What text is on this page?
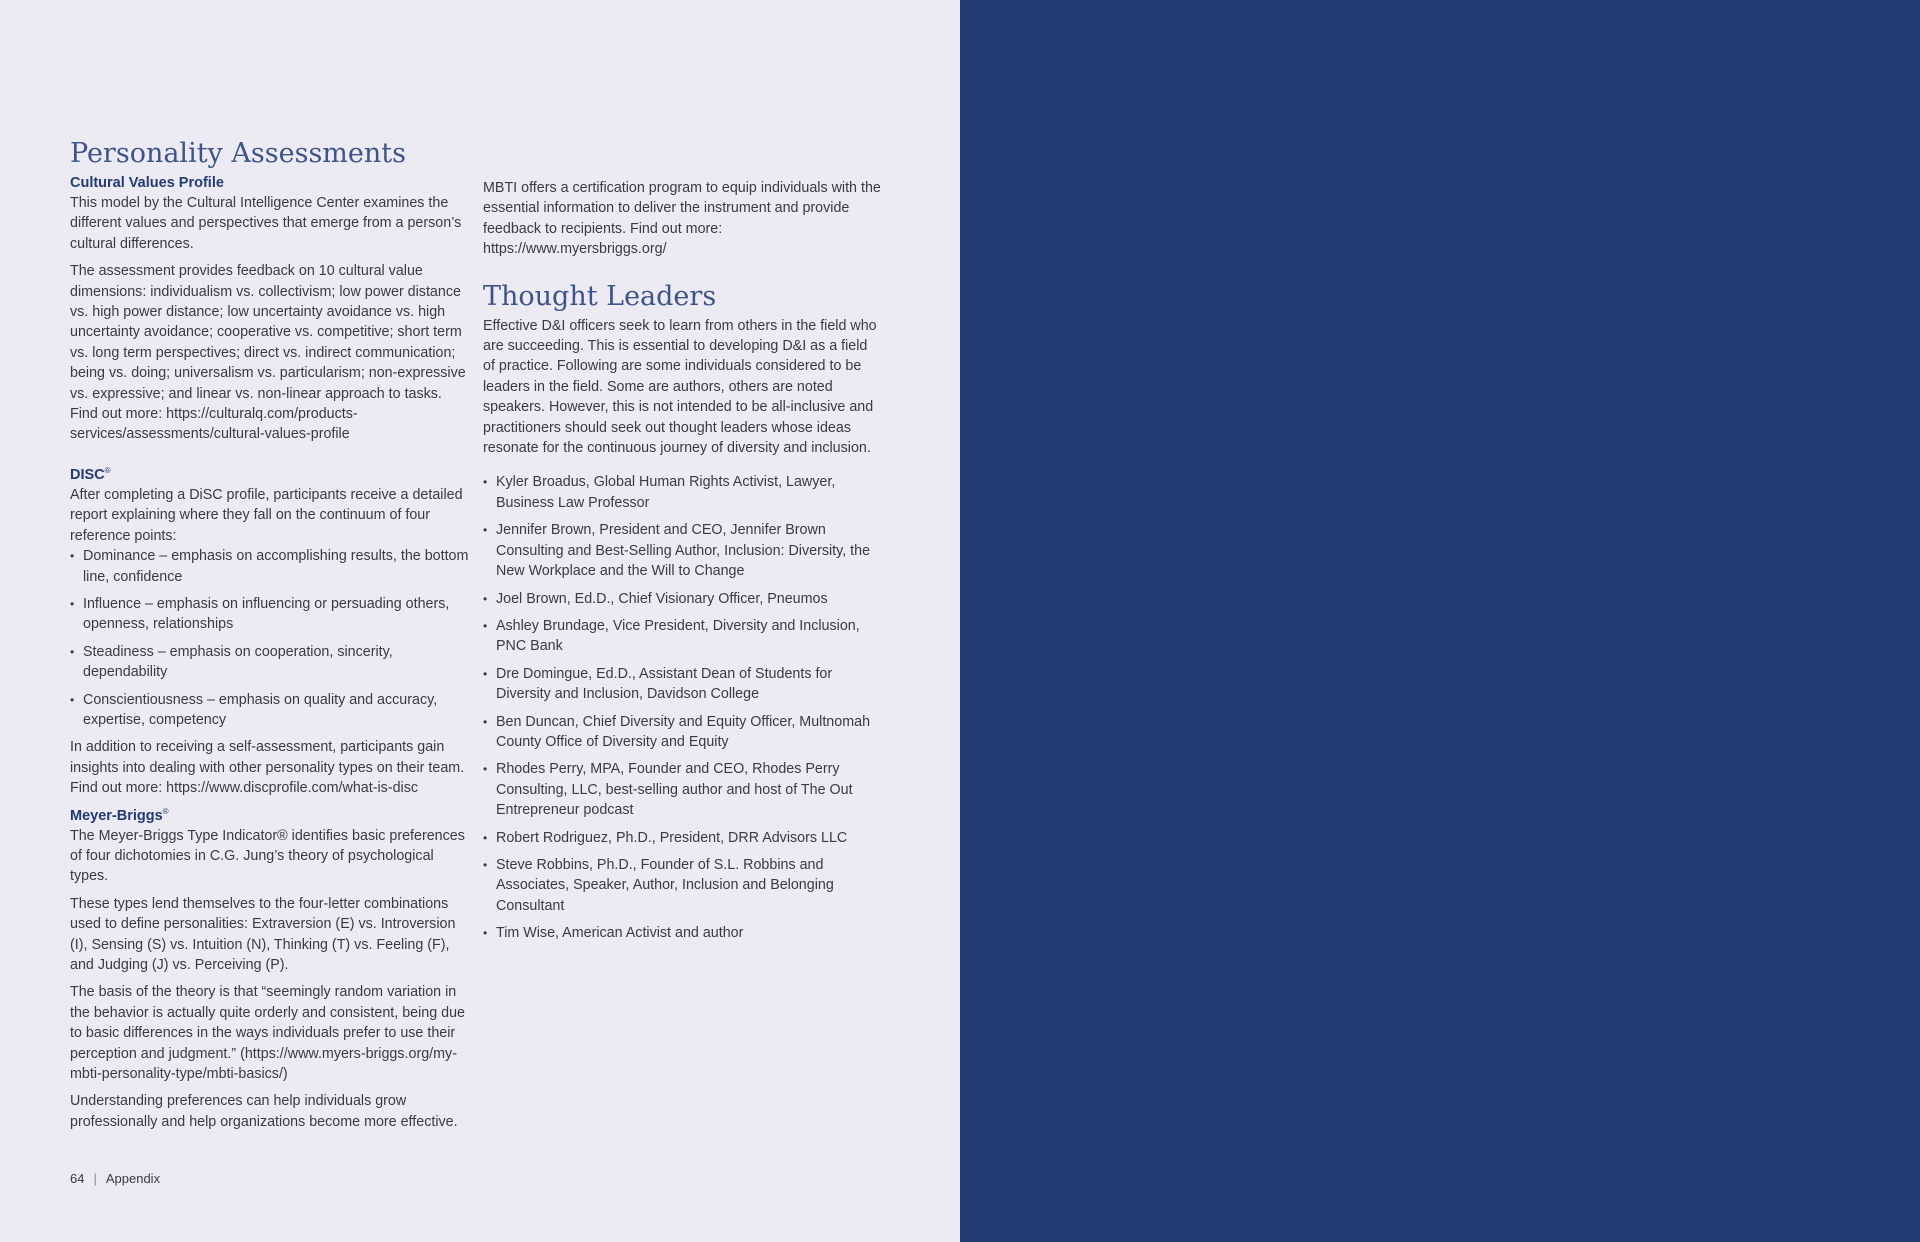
Personality Assessments
Cultural Values Profile

This model by the Cultural Intelligence Center examines the different values and perspectives that emerge from a person’s cultural differences.

The assessment provides feedback on 10 cultural value dimensions: individualism vs. collectivism; low power distance vs. high power distance; low uncertainty avoidance vs. high uncertainty avoidance; cooperative vs. competitive; short term vs. long term perspectives; direct vs. indirect communication; being vs. doing; universalism vs. particularism; non-expressive vs. expressive; and linear vs. non-linear approach to tasks. Find out more: https://culturalq.com/products-services/assessments/cultural-values-profile

DISC®

After completing a DiSC profile, participants receive a detailed report explaining where they fall on the continuum of four reference points:

• Dominance – emphasis on accomplishing results, the bottom line, confidence
• Influence – emphasis on influencing or persuading others, openness, relationships
• Steadiness – emphasis on cooperation, sincerity, dependability
• Conscientiousness – emphasis on quality and accuracy, expertise, competency

In addition to receiving a self-assessment, participants gain insights into dealing with other personality types on their team. Find out more: https://www.discprofile.com/what-is-disc

Meyer-Briggs®

The Meyer-Briggs Type Indicator® identifies basic preferences of four dichotomies in C.G. Jung’s theory of psychological types.

These types lend themselves to the four-letter combinations used to define personalities: Extraversion (E) vs. Introversion (I), Sensing (S) vs. Intuition (N), Thinking (T) vs. Feeling (F), and Judging (J) vs. Perceiving (P).

The basis of the theory is that “seemingly random variation in the behavior is actually quite orderly and consistent, being due to basic differences in the ways individuals prefer to use their perception and judgment.” (https://www.myers-briggs.org/my-mbti-personality-type/mbti-basics/)

Understanding preferences can help individuals grow professionally and help organizations become more effective.

MBTI offers a certification program to equip individuals with the essential information to deliver the instrument and provide feedback to recipients. Find out more: https://www.myersbriggs.org/

Thought Leaders

Effective D&I officers seek to learn from others in the field who are succeeding. This is essential to developing D&I as a field of practice. Following are some individuals considered to be leaders in the field. Some are authors, others are noted speakers. However, this is not intended to be all-inclusive and practitioners should seek out thought leaders whose ideas resonate for the continuous journey of diversity and inclusion.

• Kyler Broadus, Global Human Rights Activist, Lawyer, Business Law Professor
• Jennifer Brown, President and CEO, Jennifer Brown Consulting and Best-Selling Author, Inclusion: Diversity, the New Workplace and the Will to Change
• Joel Brown, Ed.D., Chief Visionary Officer, Pneumos
• Ashley Brundage, Vice President, Diversity and Inclusion, PNC Bank
• Dre Domingue, Ed.D., Assistant Dean of Students for Diversity and Inclusion, Davidson College
• Ben Duncan, Chief Diversity and Equity Officer, Multnomah County Office of Diversity and Equity
• Rhodes Perry, MPA, Founder and CEO, Rhodes Perry Consulting, LLC, best-selling author and host of The Out Entrepreneur podcast
• Robert Rodriguez, Ph.D., President, DRR Advisors LLC
• Steve Robbins, Ph.D., Founder of S.L. Robbins and Associates, Speaker, Author, Inclusion and Belonging Consultant
• Tim Wise, American Activist and author
64 | Appendix
